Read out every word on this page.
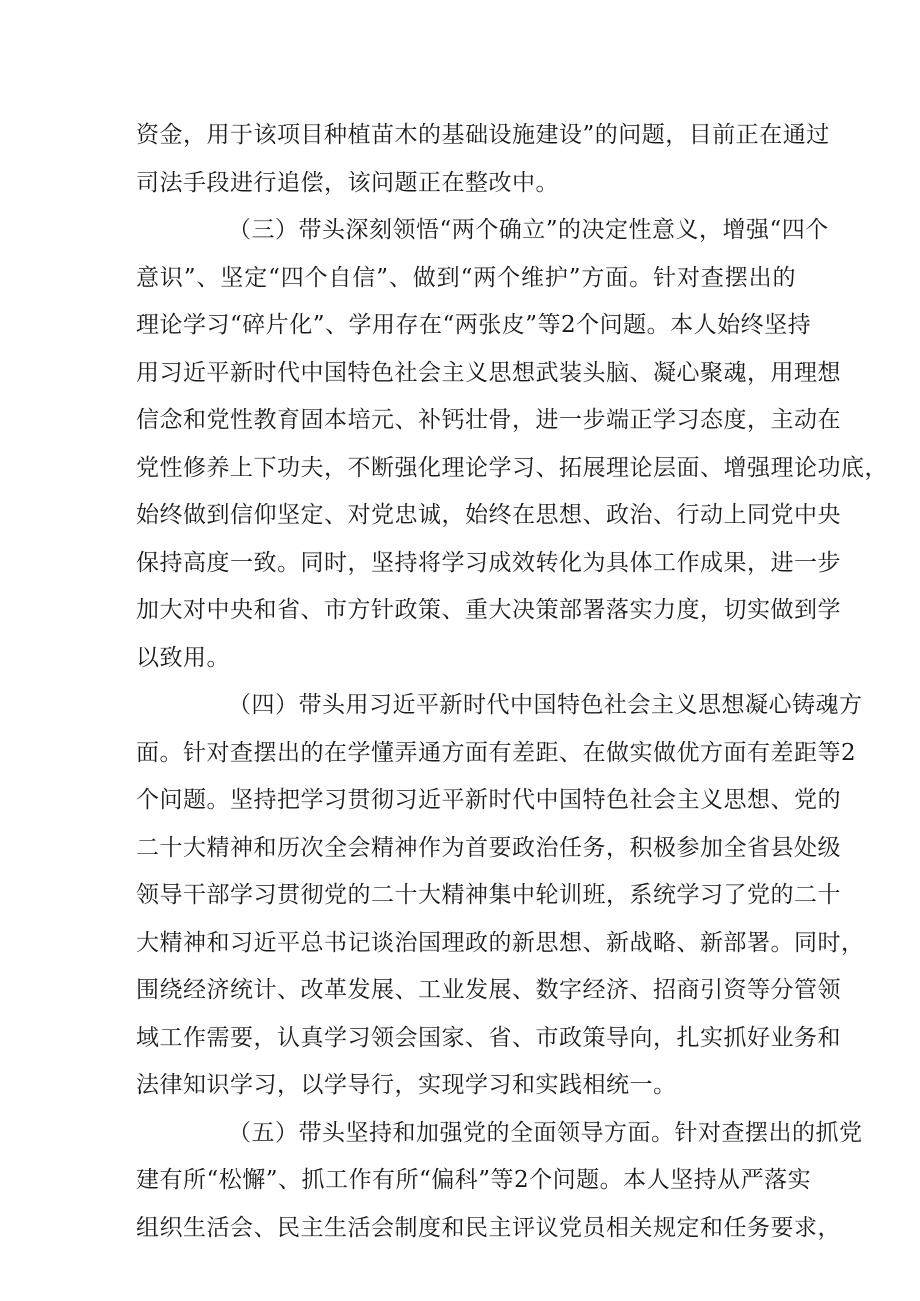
资金，用于该项目种植苗木的基础设施建设”的问题，目前正在通过
司法手段进行追偿，该问题正在整改中。
（三）带头深刻领悟“两个确立”的决定性意义，增强“四个
意识”、坚定“四个自信”、做到“两个维护”方面。针对查摆出的
理论学习“碎片化”、学用存在“两张皮”等2个问题。本人始终坚持
用习近平新时代中国特色社会主义思想武装头脑、凝心聚魂，用理想
信念和党性教育固本培元、补钙壮骨，进一步端正学习态度，主动在
党性修养上下功夫，不断强化理论学习、拓展理论层面、增强理论功底，
始终做到信仰坚定、对党忠诚，始终在思想、政治、行动上同党中央
保持高度一致。同时，坚持将学习成效转化为具体工作成果，进一步
加大对中央和省、市方针政策、重大决策部署落实力度，切实做到学
以致用。
（四）带头用习近平新时代中国特色社会主义思想凝心铸魂方
面。针对查摆出的在学懂弄通方面有差距、在做实做优方面有差距等2
个问题。坚持把学习贯彻习近平新时代中国特色社会主义思想、党的
二十大精神和历次全会精神作为首要政治任务，积极参加全省县处级
领导干部学习贯彻党的二十大精神集中轮训班，系统学习了党的二十
大精神和习近平总书记谈治国理政的新思想、新战略、新部署。同时，
围绕经济统计、改革发展、工业发展、数字经济、招商引资等分管领
域工作需要，认真学习领会国家、省、市政策导向，扎实抓好业务和
法律知识学习，以学导行，实现学习和实践相统一。
（五）带头坚持和加强党的全面领导方面。针对查摆出的抓党
建有所“松懈”、抓工作有所“偏科”等2个问题。本人坚持从严落实
组织生活会、民主生活会制度和民主评议党员相关规定和任务要求，
